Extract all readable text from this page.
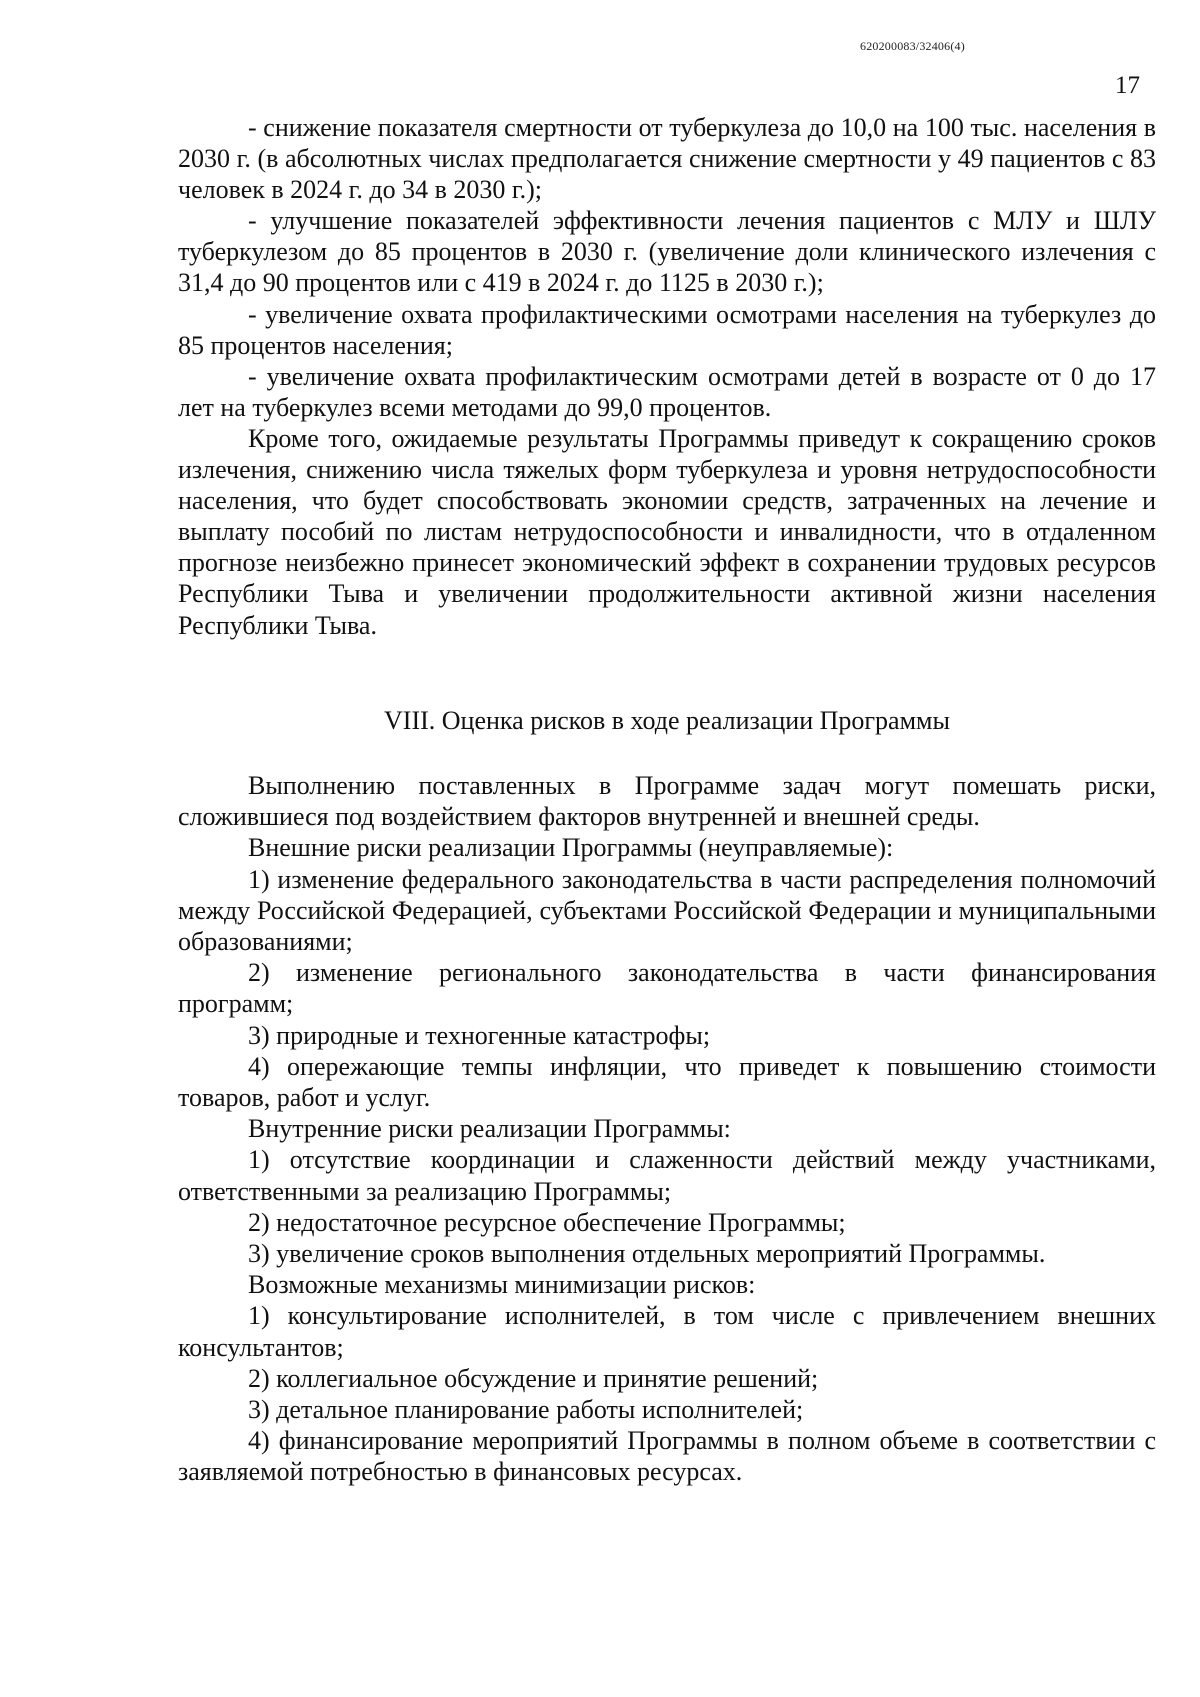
620200083/32406(4)
17

- снижение показателя смертности от туберкулеза до 10,0 на 100 тыс. населения в 2030 г. (в абсолютных числах предполагается снижение смертности у 49 пациентов с 83 человек в 2024 г. до 34 в 2030 г.);

- улучшение показателей эффективности лечения пациентов с МЛУ и ШЛУ туберкулезом до 85 процентов в 2030 г. (увеличение доли клинического излечения с 31,4 до 90 процентов или с 419 в 2024 г. до 1125 в 2030 г.);

- увеличение охвата профилактическими осмотрами населения на туберкулез до 85 процентов населения;

- увеличение охвата профилактическим осмотрами детей в возрасте от 0 до 17 лет на туберкулез всеми методами до 99,0 процентов.

Кроме того, ожидаемые результаты Программы приведут к сокращению сроков излечения, снижению числа тяжелых форм туберкулеза и уровня нетрудоспособности населения, что будет способствовать экономии средств, затраченных на лечение и выплату пособий по листам нетрудоспособности и инвалидности, что в отдаленном прогнозе неизбежно принесет экономический эффект в сохранении трудовых ресурсов Республики Тыва и увеличении продолжительности активной жизни населения Республики Тыва.

VIII. Оценка рисков в ходе реализации Программы

Выполнению поставленных в Программе задач могут помешать риски, сложившиеся под воздействием факторов внутренней и внешней среды.

Внешние риски реализации Программы (неуправляемые):

1) изменение федерального законодательства в части распределения полномочий между Российской Федерацией, субъектами Российской Федерации и муниципальными образованиями;

2) изменение регионального законодательства в части финансирования программ;

3) природные и техногенные катастрофы;

4) опережающие темпы инфляции, что приведет к повышению стоимости товаров, работ и услуг.

Внутренние риски реализации Программы:

1) отсутствие координации и слаженности действий между участниками, ответственными за реализацию Программы;

2) недостаточное ресурсное обеспечение Программы;

3) увеличение сроков выполнения отдельных мероприятий Программы.

Возможные механизмы минимизации рисков:

1) консультирование исполнителей, в том числе с привлечением внешних консультантов;

2) коллегиальное обсуждение и принятие решений;

3) детальное планирование работы исполнителей;

4) финансирование мероприятий Программы в полном объеме в соответствии с заявляемой потребностью в финансовых ресурсах.
